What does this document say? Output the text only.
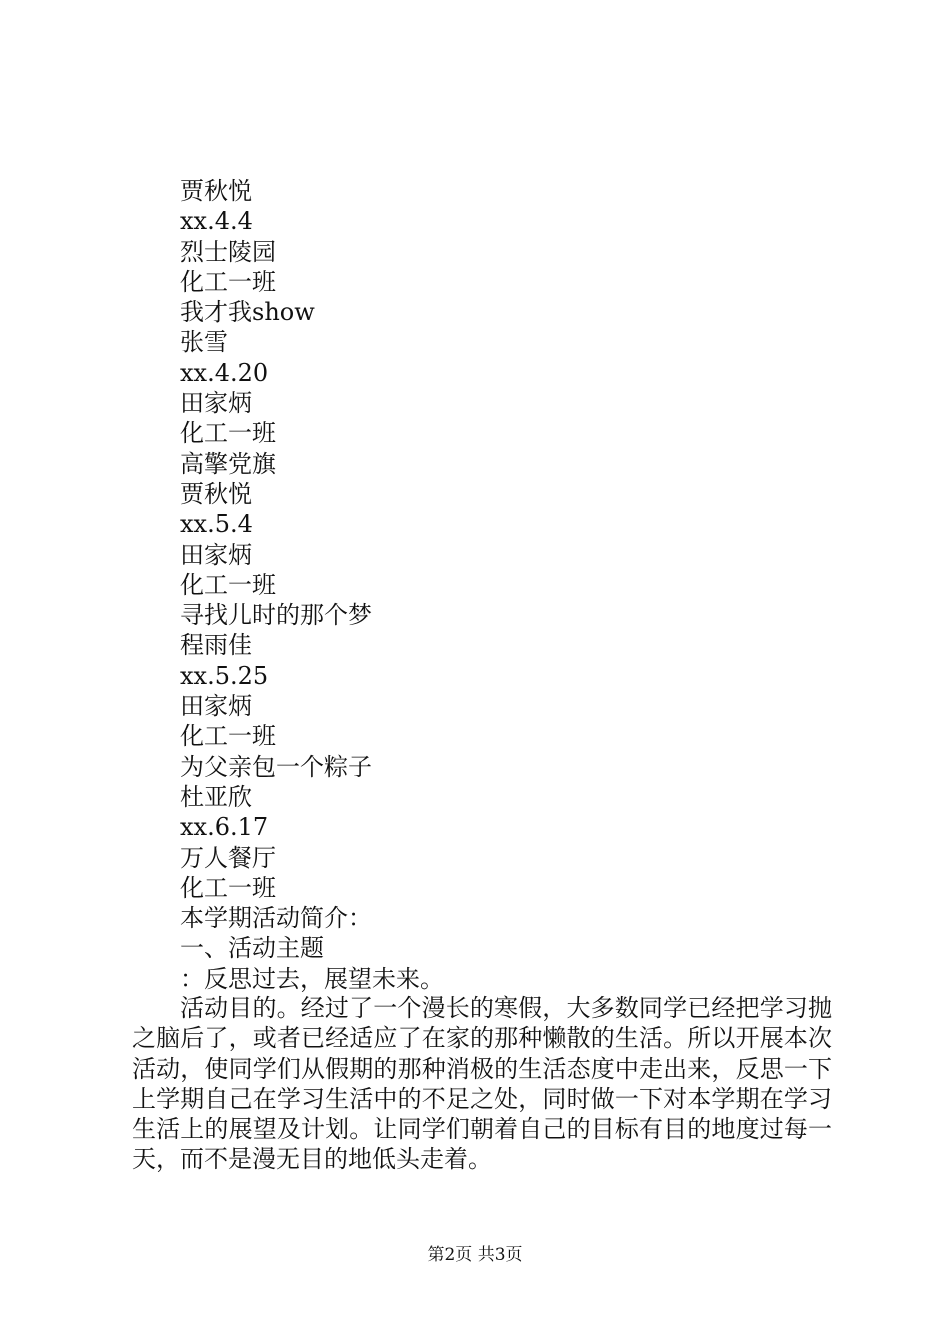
贾秋悦
xx.4.4
烈士陵园
化工一班
我才我show
张雪
xx.4.20
田家炳
化工一班
高擎党旗
贾秋悦
xx.5.4
田家炳
化工一班
寻找儿时的那个梦
程雨佳
xx.5.25
田家炳
化工一班
为父亲包一个粽子
杜亚欣
xx.6.17
万人餐厅
化工一班
本学期活动简介：
一、活动主题
：反思过去，展望未来。

活动目的。经过了一个漫长的寒假，大多数同学已经把学习抛之脑后了，或者已经适应了在家的那种懒散的生活。所以开展本次活动，使同学们从假期的那种消极的生活态度中走出来，反思一下上学期自己在学习生活中的不足之处，同时做一下对本学期在学习生活上的展望及计划。让同学们朝着自己的目标有目的地度过每一天，而不是漫无目的地低头走着。

第2页 共3页
